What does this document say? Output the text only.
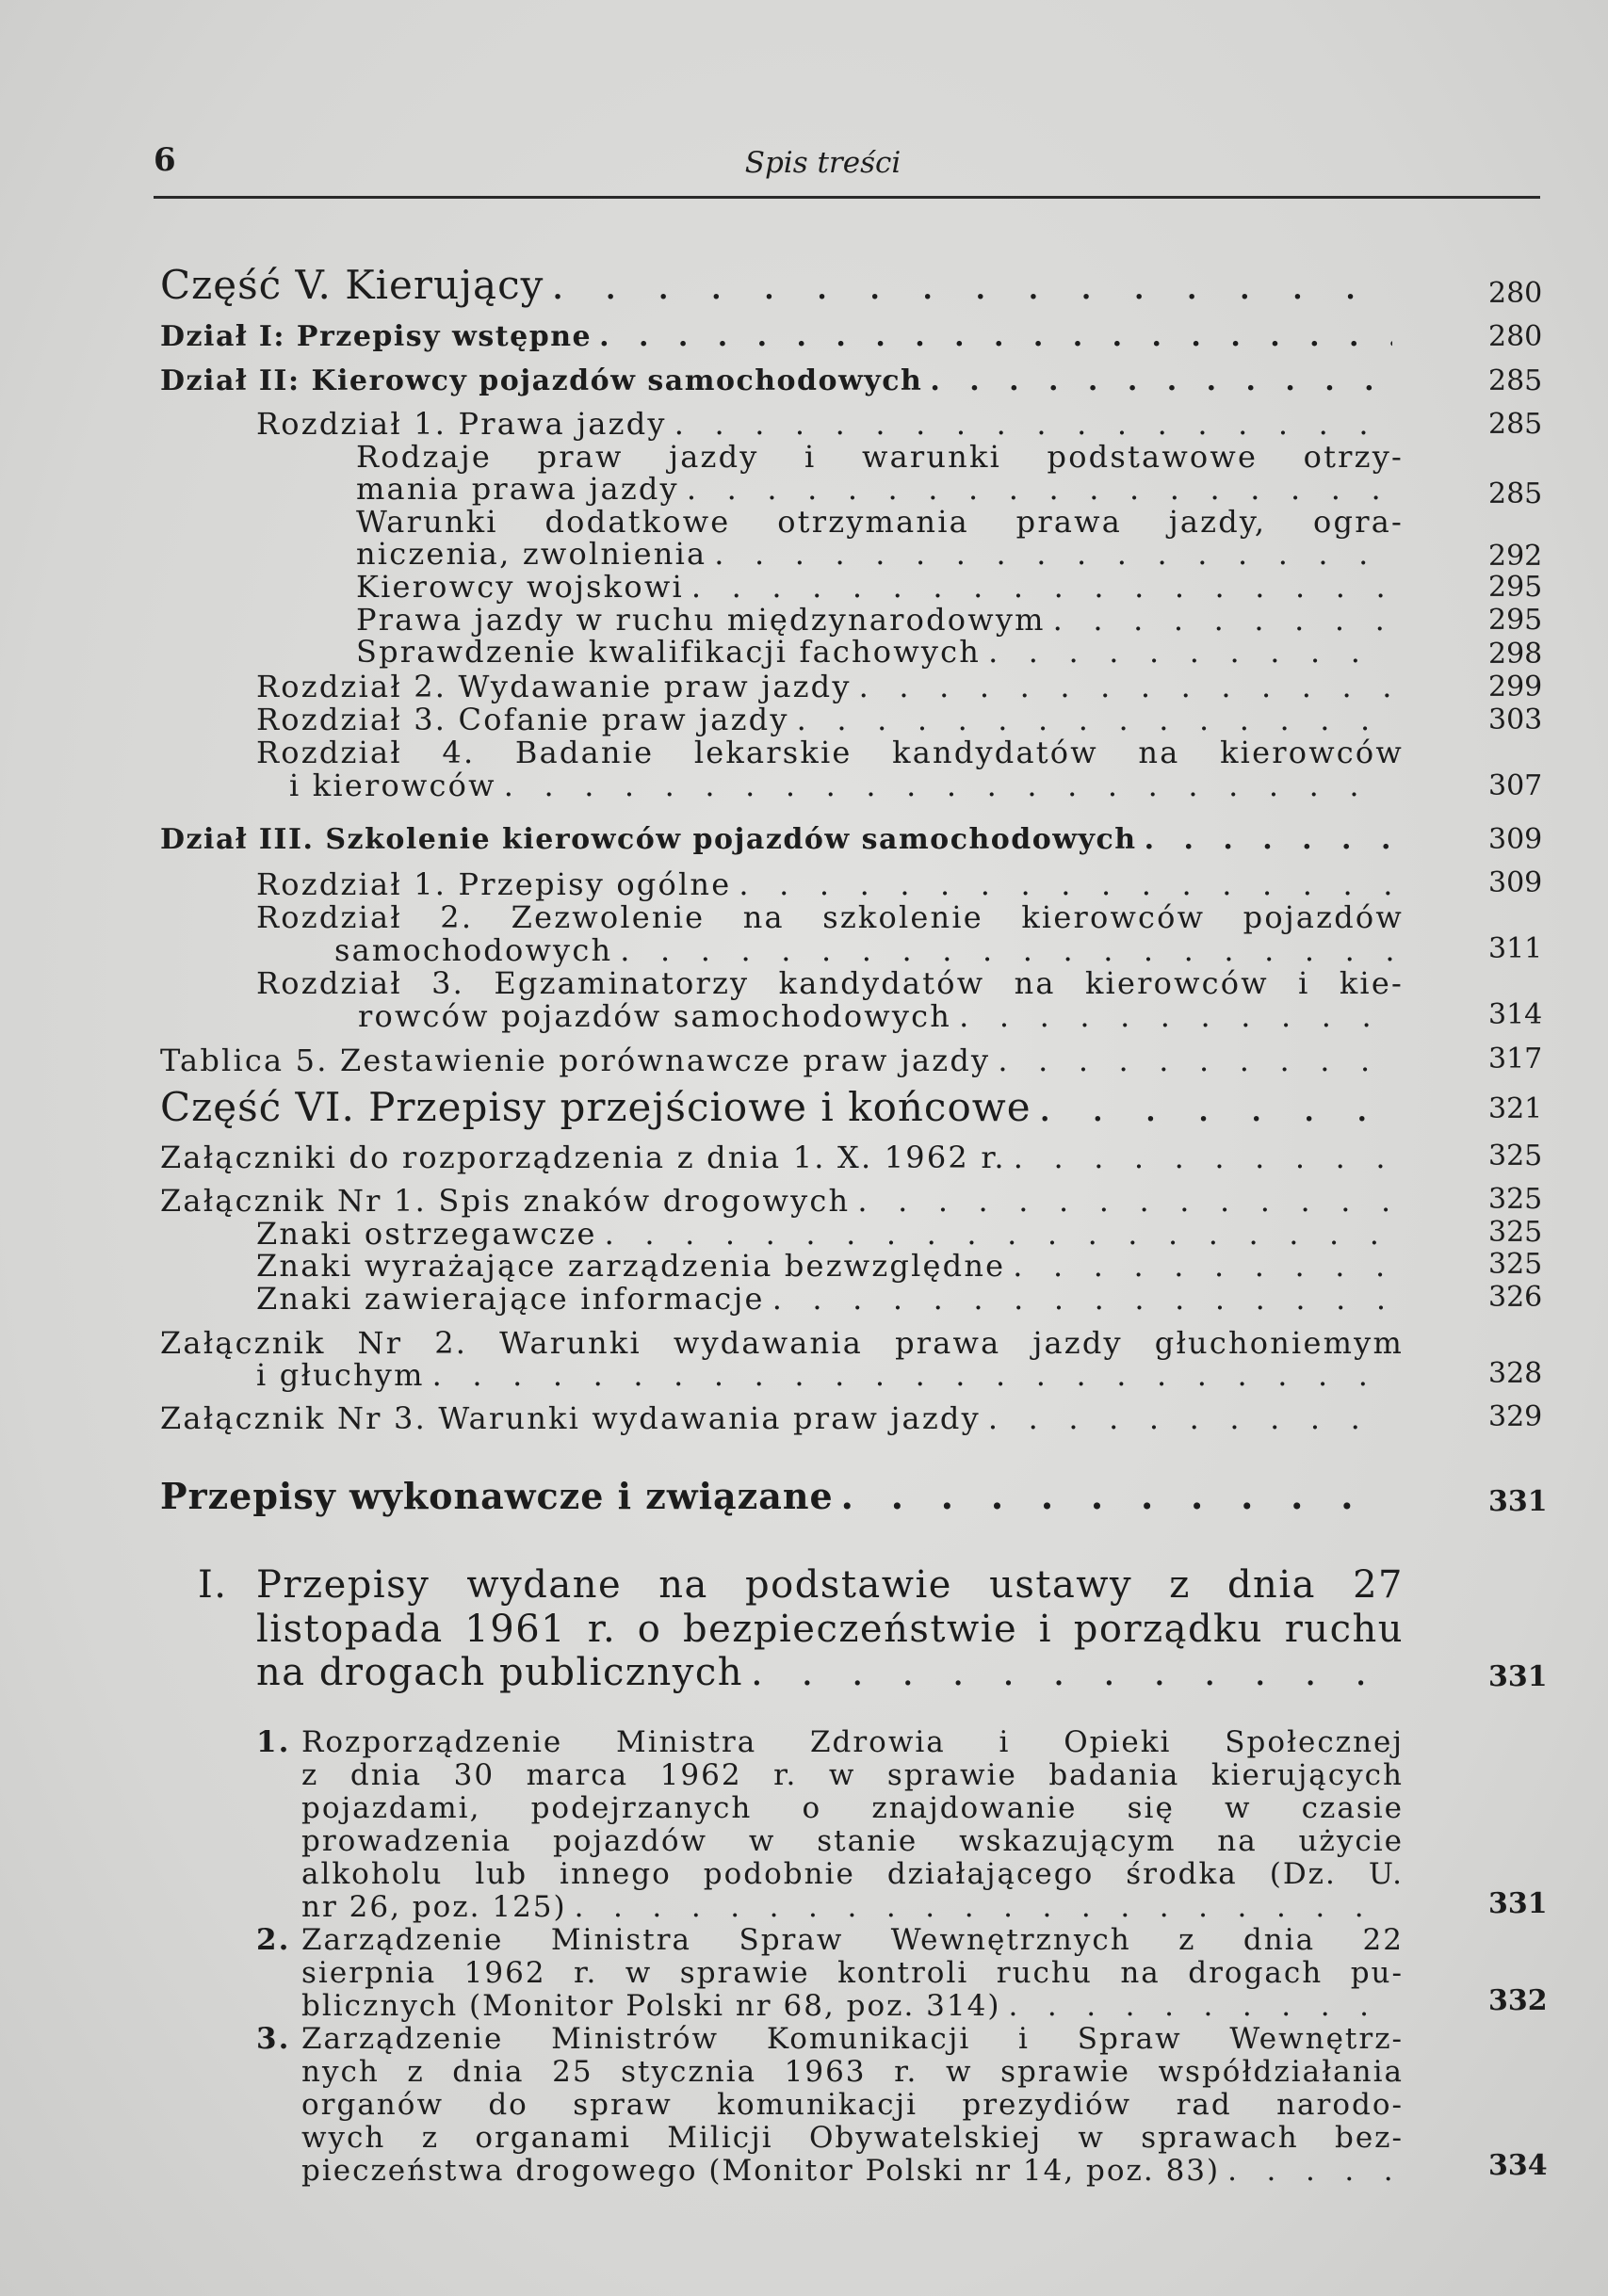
6	Spis treści
Część V. Kierujący . . .	280
Dział I: Przepisy wstępne . . .	280
Dział II: Kierowcy pojazdów samochodowych . . .	285
Rozdział 1. Prawa jazdy . . .	285
Rodzaje praw jazdy i warunki podstawowe otrzy-
mania prawa jazdy . . .	285
Warunki dodatkowe otrzymania prawa jazdy, ogra-
niczenia, zwolnienia . . .	292
Kierowcy wojskowi . . .	295
Prawa jazdy w ruchu międzynarodowym . . .	295
Sprawdzenie kwalifikacji fachowych . . .	298
Rozdział 2. Wydawanie praw jazdy . . .	299
Rozdział 3. Cofanie praw jazdy . . .	303
Rozdział 4. Badanie lekarskie kandydatów na kierowców
i kierowców . . .	307
Dział III. Szkolenie kierowców pojazdów samochodowych . . .	309
Rozdział 1. Przepisy ogólne . . .	309
Rozdział 2. Zezwolenie na szkolenie kierowców pojazdów
samochodowych . . .	311
Rozdział 3. Egzaminatorzy kandydatów na kierowców i kie-
rowców pojazdów samochodowych . . .	314
Tablica 5. Zestawienie porównawcze praw jazdy . . .	317
Część VI. Przepisy przejściowe i końcowe . . .	321
Załączniki do rozporządzenia z dnia 1. X. 1962 r. . . .	325
Załącznik Nr 1. Spis znaków drogowych . . .	325
Znaki ostrzegawcze . . .	325
Znaki wyrażające zarządzenia bezwzględne . . .	325
Znaki zawierające informacje . . .	326
Załącznik Nr 2. Warunki wydawania prawa jazdy głuchoniemym
i głuchym . . .	328
Załącznik Nr 3. Warunki wydawania praw jazdy . . .	329
Przepisy wykonawcze i związane . . .	331
I. Przepisy wydane na podstawie ustawy z dnia 27
listopada 1961 r. o bezpieczeństwie i porządku ruchu
na drogach publicznych . . .	331
1. Rozporządzenie Ministra Zdrowia i Opieki Społecznej
z dnia 30 marca 1962 r. w sprawie badania kierujących
pojazdami, podejrzanych o znajdowanie się w czasie
prowadzenia pojazdów w stanie wskazującym na użycie
alkoholu lub innego podobnie działającego środka (Dz. U.
nr 26, poz. 125) . . .	331
2. Zarządzenie Ministra Spraw Wewnętrznych z dnia 22
sierpnia 1962 r. w sprawie kontroli ruchu na drogach pu-
blicznych (Monitor Polski nr 68, poz. 314) . . .	332
3. Zarządzenie Ministrów Komunikacji i Spraw Wewnętrz-
nych z dnia 25 stycznia 1963 r. w sprawie współdziałania
organów do spraw komunikacji prezydiów rad narodo-
wych z organami Milicji Obywatelskiej w sprawach bez-
pieczeństwa drogowego (Monitor Polski nr 14, poz. 83) . . .	334
